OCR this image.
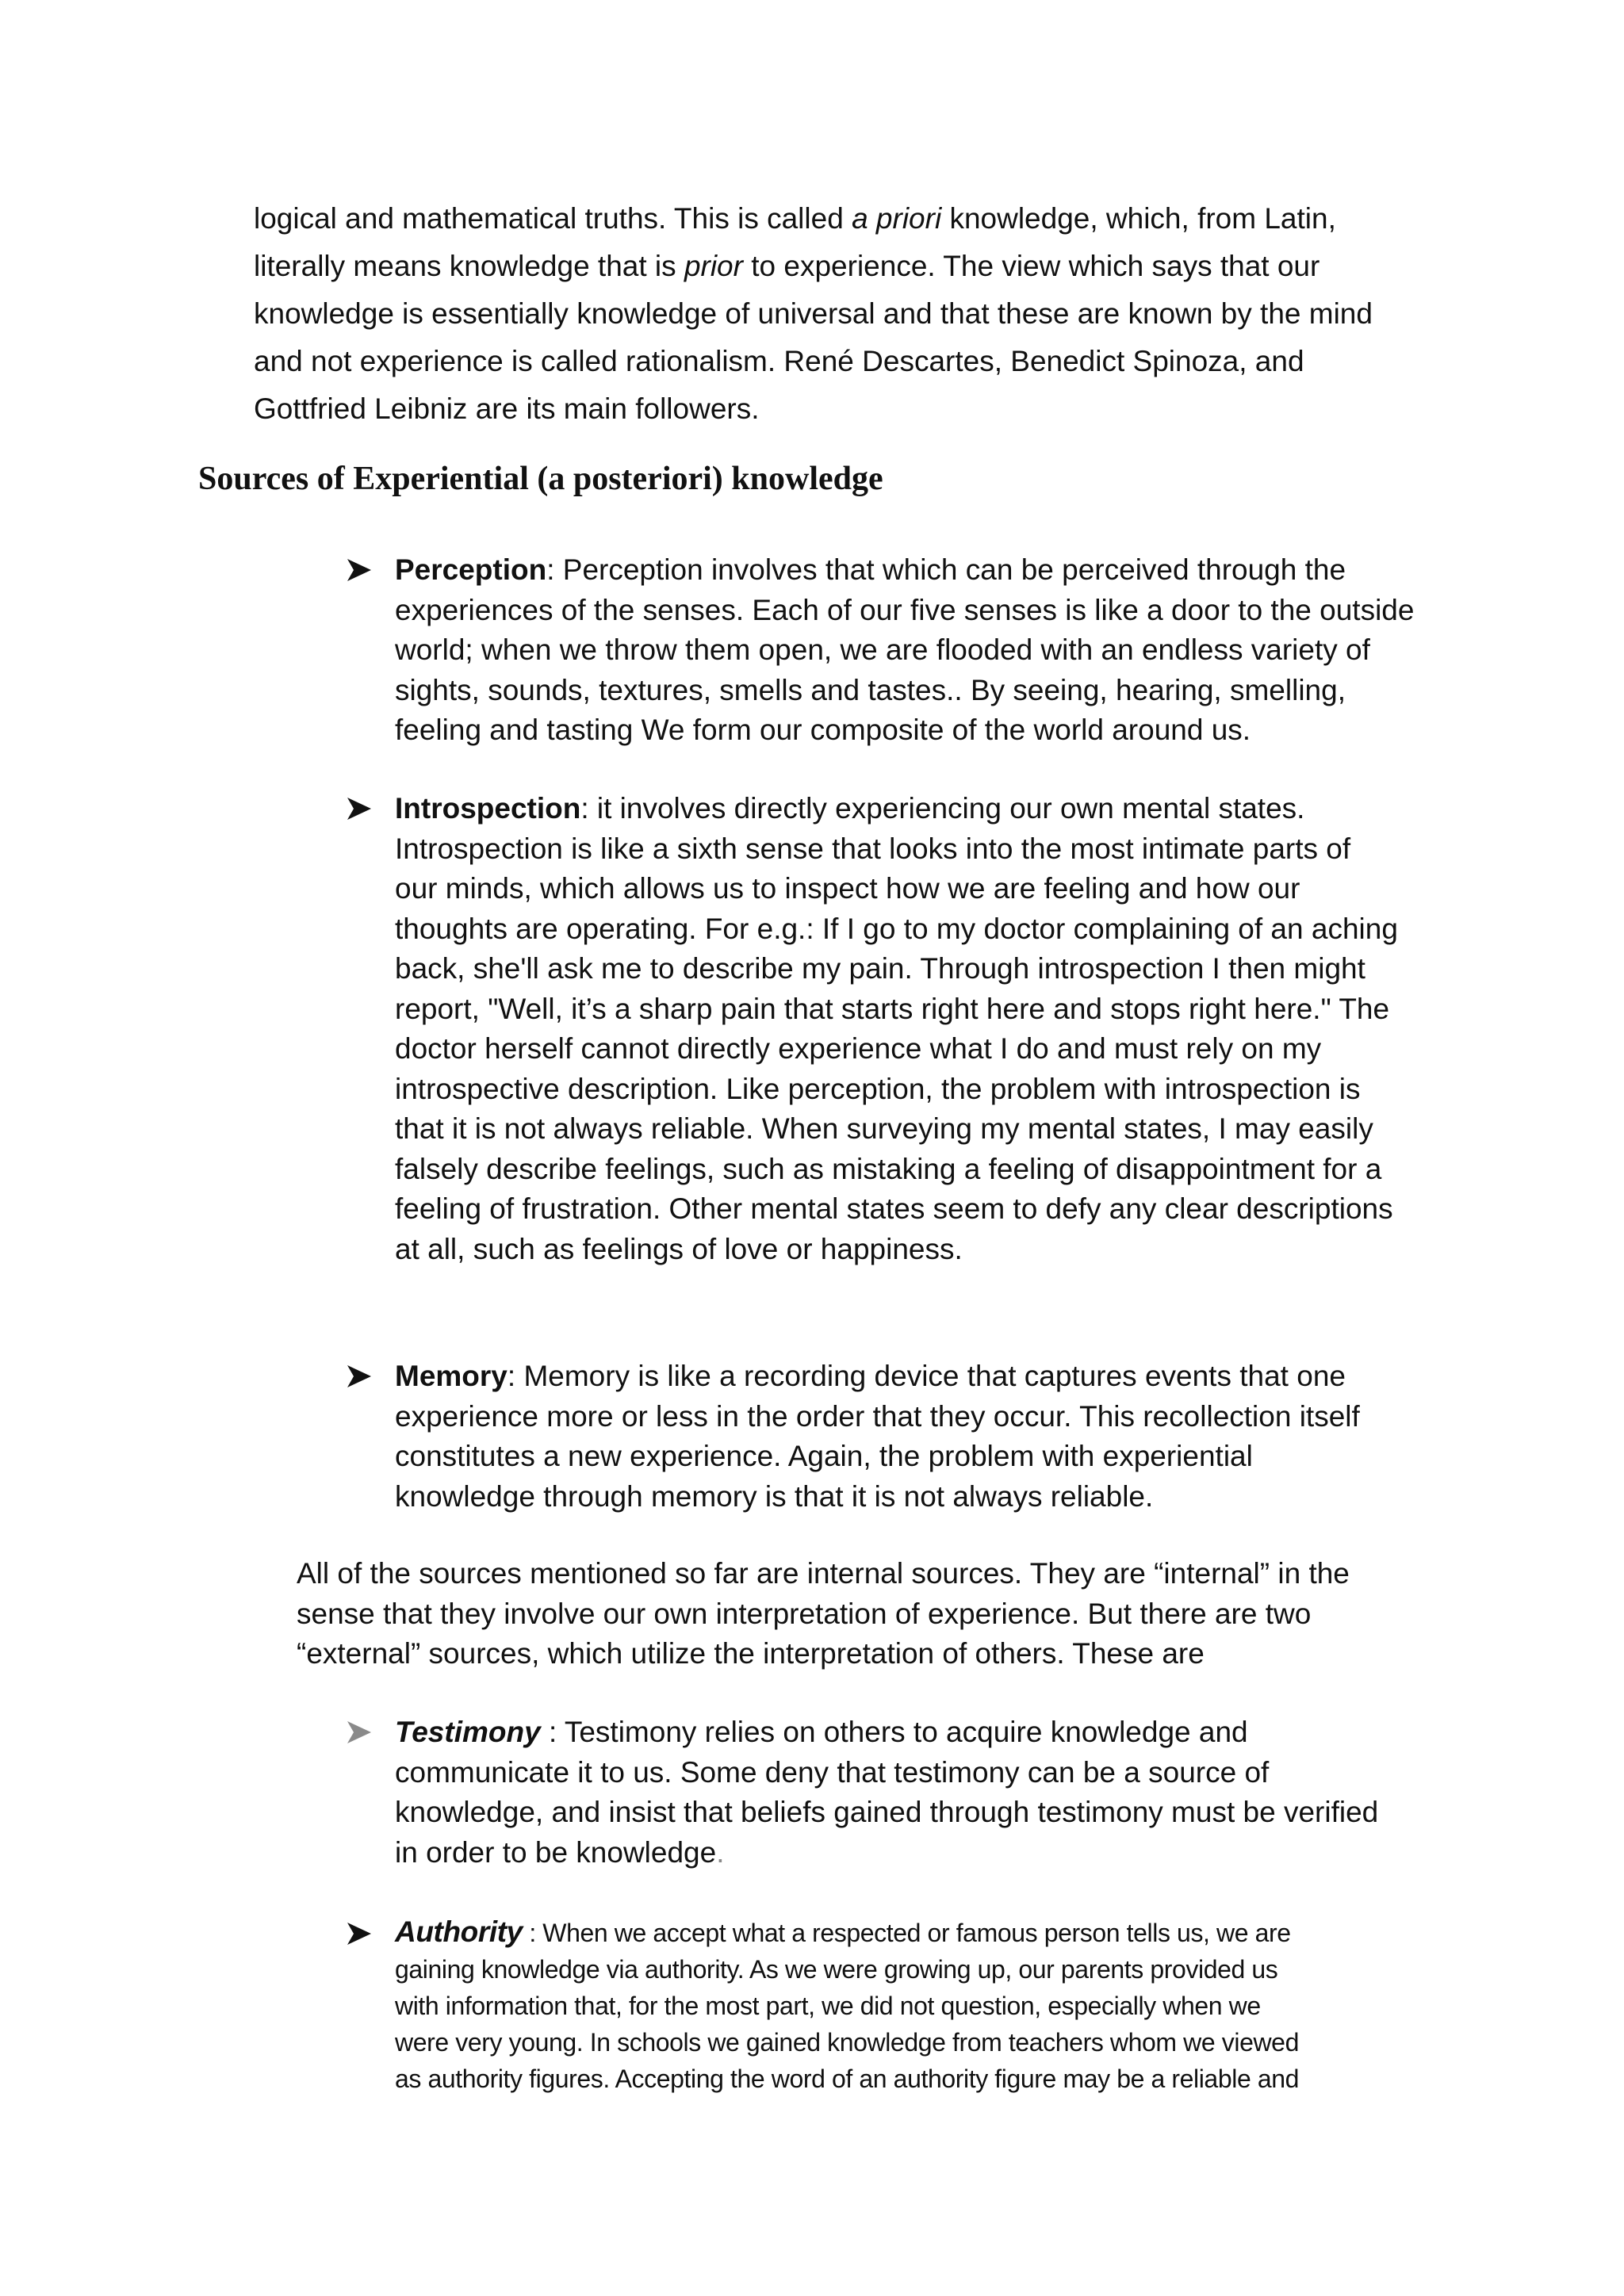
logical and mathematical truths. This is called a priori knowledge, which, from Latin,
literally means knowledge that is prior to experience. The view which says that our
knowledge is essentially knowledge of universal and that these are known by the mind
and not experience is called rationalism. René Descartes, Benedict Spinoza, and
Gottfried Leibniz are its main followers.

Sources of Experiential (a posteriori) knowledge
Perception: Perception involves that which can be perceived through the
experiences of the senses. Each of our five senses is like a door to the outside
world; when we throw them open, we are flooded with an endless variety of
sights, sounds, textures, smells and tastes.. By seeing, hearing, smelling,
feeling and tasting We form our composite of the world around us.
Introspection: it involves directly experiencing our own mental states.
Introspection is like a sixth sense that looks into the most intimate parts of
our minds, which allows us to inspect how we are feeling and how our
thoughts are operating. For e.g.: If I go to my doctor complaining of an aching
back, she'll ask me to describe my pain. Through introspection I then might
report, "Well, it’s a sharp pain that starts right here and stops right here." The
doctor herself cannot directly experience what I do and must rely on my
introspective description. Like perception, the problem with introspection is
that it is not always reliable. When surveying my mental states, I may easily
falsely describe feelings, such as mistaking a feeling of disappointment for a
feeling of frustration. Other mental states seem to defy any clear descriptions
at all, such as feelings of love or happiness.
Memory: Memory is like a recording device that captures events that one
experience more or less in the order that they occur. This recollection itself
constitutes a new experience. Again, the problem with experiential
knowledge through memory is that it is not always reliable.
All of the sources mentioned so far are internal sources. They are “internal” in the
sense that they involve our own interpretation of experience. But there are two
“external” sources, which utilize the interpretation of others. These are
Testimony : Testimony relies on others to acquire knowledge and
communicate it to us. Some deny that testimony can be a source of
knowledge, and insist that beliefs gained through testimony must be verified
in order to be knowledge.
Authority : When we accept what a respected or famous person tells us, we are
gaining knowledge via authority. As we were growing up, our parents provided us
with information that, for the most part, we did not question, especially when we
were very young. In schools we gained knowledge from teachers whom we viewed
as authority figures. Accepting the word of an authority figure may be a reliable and
